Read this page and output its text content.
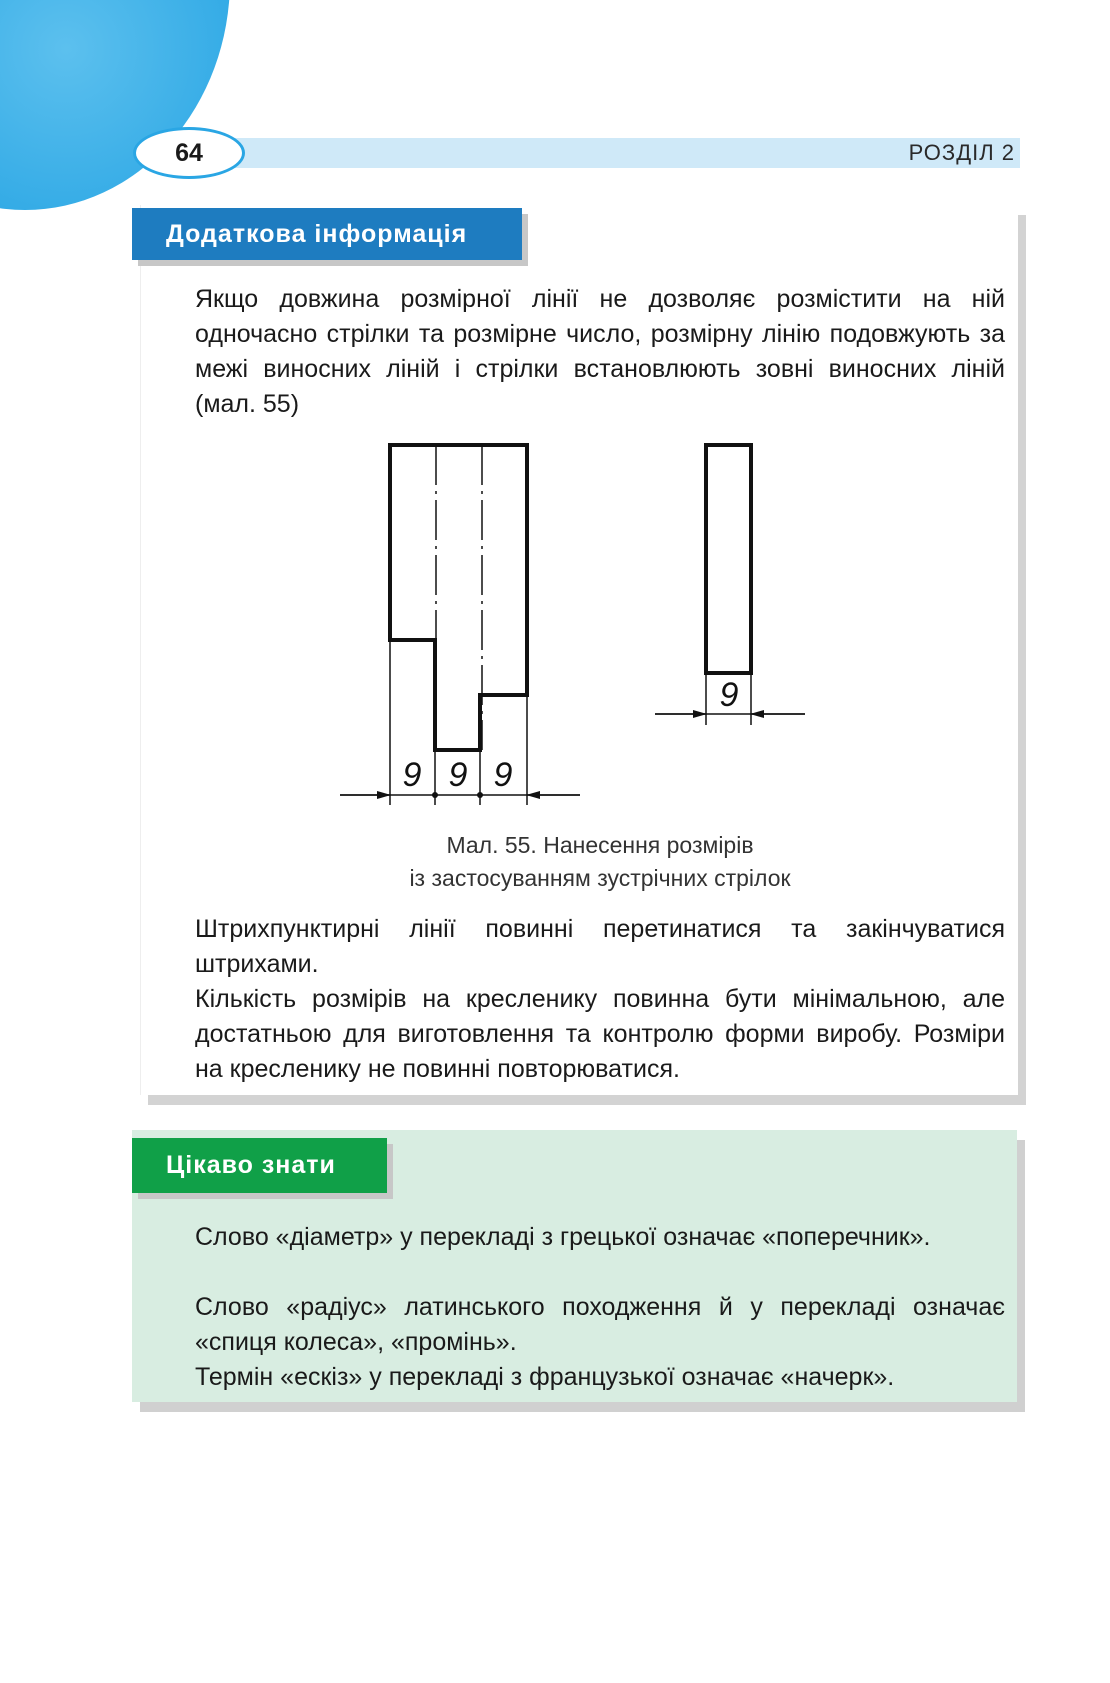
64	РОЗДІЛ 2
Додаткова інформація

Якщо довжина розмірної лінії не дозволяє розмістити на ній одночасно стрілки та розмірне число, розмірну лінію подовжують за межі виносних ліній і стрілки встановлюють зовні виносних ліній (мал. 55)

9 9 9
9
Мал. 55. Нанесення розмірів
із застосуванням зустрічних стрілок

Штрихпунктирні лінії повинні перетинатися та закінчуватися штрихами.

Кількість розмірів на кресленику повинна бути мінімальною, але достатньою для виготовлення та контролю форми виробу. Розміри на кресленику не повинні повторюватися.

Цікаво знати

Слово «діаметр» у перекладі з грецької означає «поперечник».

Слово «радіус» латинського походження й у перекладі означає «спиця колеса», «промінь».

Термін «ескіз» у перекладі з французької означає «начерк».
